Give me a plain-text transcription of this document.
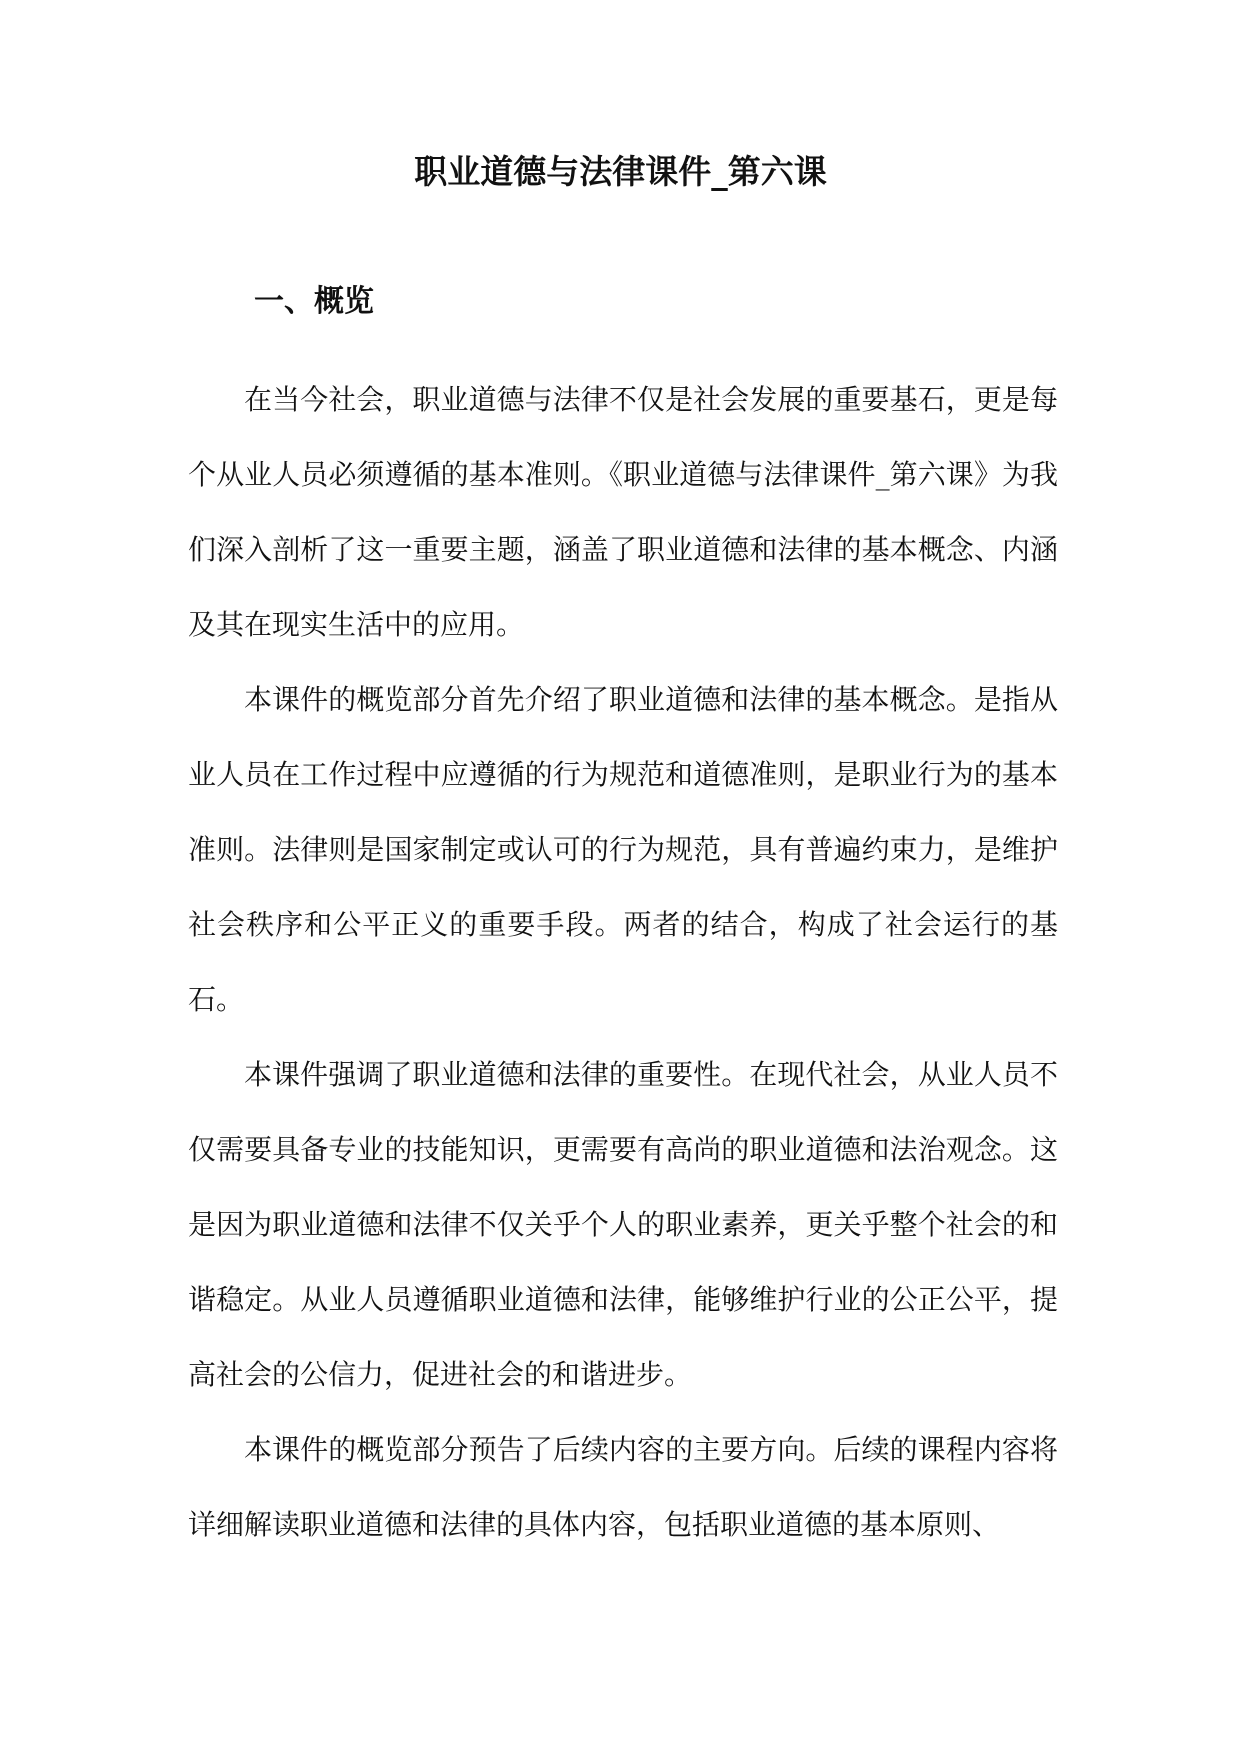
职业道德与法律课件_第六课
一、概览

在当今社会，职业道德与法律不仅是社会发展的重要基石，更是每个从业人员必须遵循的基本准则。《职业道德与法律课件_第六课》为我们深入剖析了这一重要主题，涵盖了职业道德和法律的基本概念、内涵及其在现实生活中的应用。

本课件的概览部分首先介绍了职业道德和法律的基本概念。是指从业人员在工作过程中应遵循的行为规范和道德准则，是职业行为的基本准则。法律则是国家制定或认可的行为规范，具有普遍约束力，是维护社会秩序和公平正义的重要手段。两者的结合，构成了社会运行的基石。

本课件强调了职业道德和法律的重要性。在现代社会，从业人员不仅需要具备专业的技能知识，更需要有高尚的职业道德和法治观念。这是因为职业道德和法律不仅关乎个人的职业素养，更关乎整个社会的和谐稳定。从业人员遵循职业道德和法律，能够维护行业的公正公平，提高社会的公信力，促进社会的和谐进步。

本课件的概览部分预告了后续内容的主要方向。后续的课程内容将详细解读职业道德和法律的具体内容，包括职业道德的基本原则、
